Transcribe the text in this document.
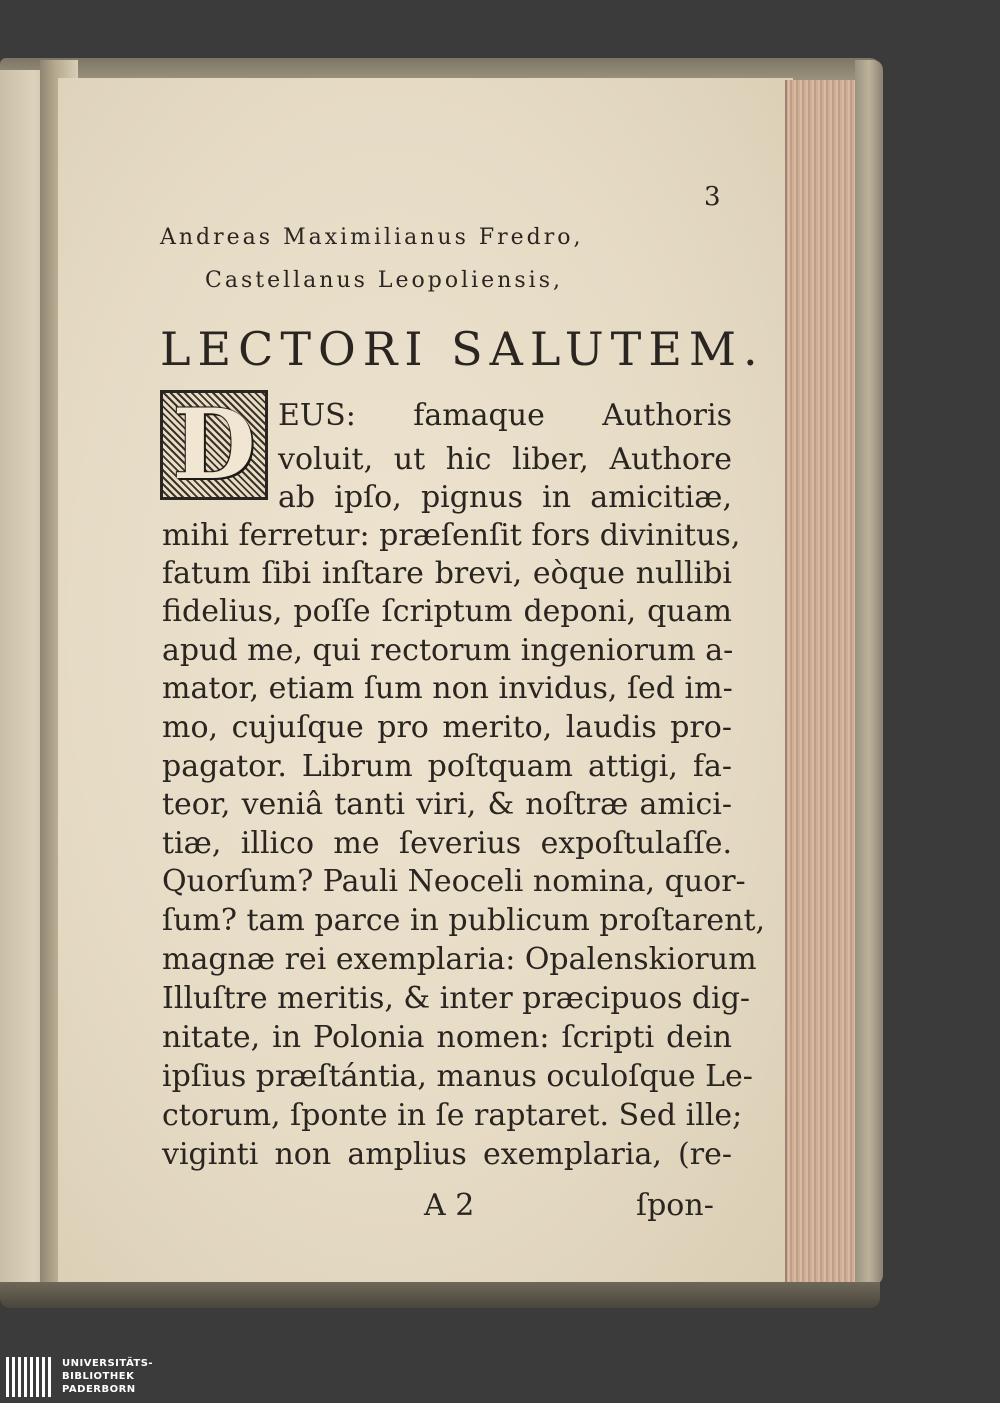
3
Andreas Maximilianus Fredro,
Castellanus Leopoliensis,
LECTORI SALUTEM.
D EUS: famaque Authoris
voluit, ut hic liber, Authore
ab ipſo, pignus in amicitiæ,
mihi ferretur: præſenſit fors divinitus,
fatum ſibi inſtare brevi, eòque nullibi
fidelius, poſſe ſcriptum deponi, quam
apud me, qui rectorum ingeniorum a-
mator, etiam ſum non invidus, ſed im-
mo, cujuſque pro merito, laudis pro-
pagator. Librum poſtquam attigi, fa-
teor, veniâ tanti viri, & noſtræ amici-
tiæ, illico me ſeverius expoſtulaſſe.
Quorſum? Pauli Neoceli nomina, quor-
ſum? tam parce in publicum proſtarent,
magnæ rei exemplaria: Opalenskiorum
Illuſtre meritis, & inter præcipuos dig-
nitate, in Polonia nomen: ſcripti dein
ipſius præſtántia, manus oculoſque Le-
ctorum, ſponte in ſe raptaret. Sed ille;
viginti non amplius exemplaria, (re-
A 2	ſpon-
UNIVERSITÄTS-
BIBLIOTHEK
PADERBORN
